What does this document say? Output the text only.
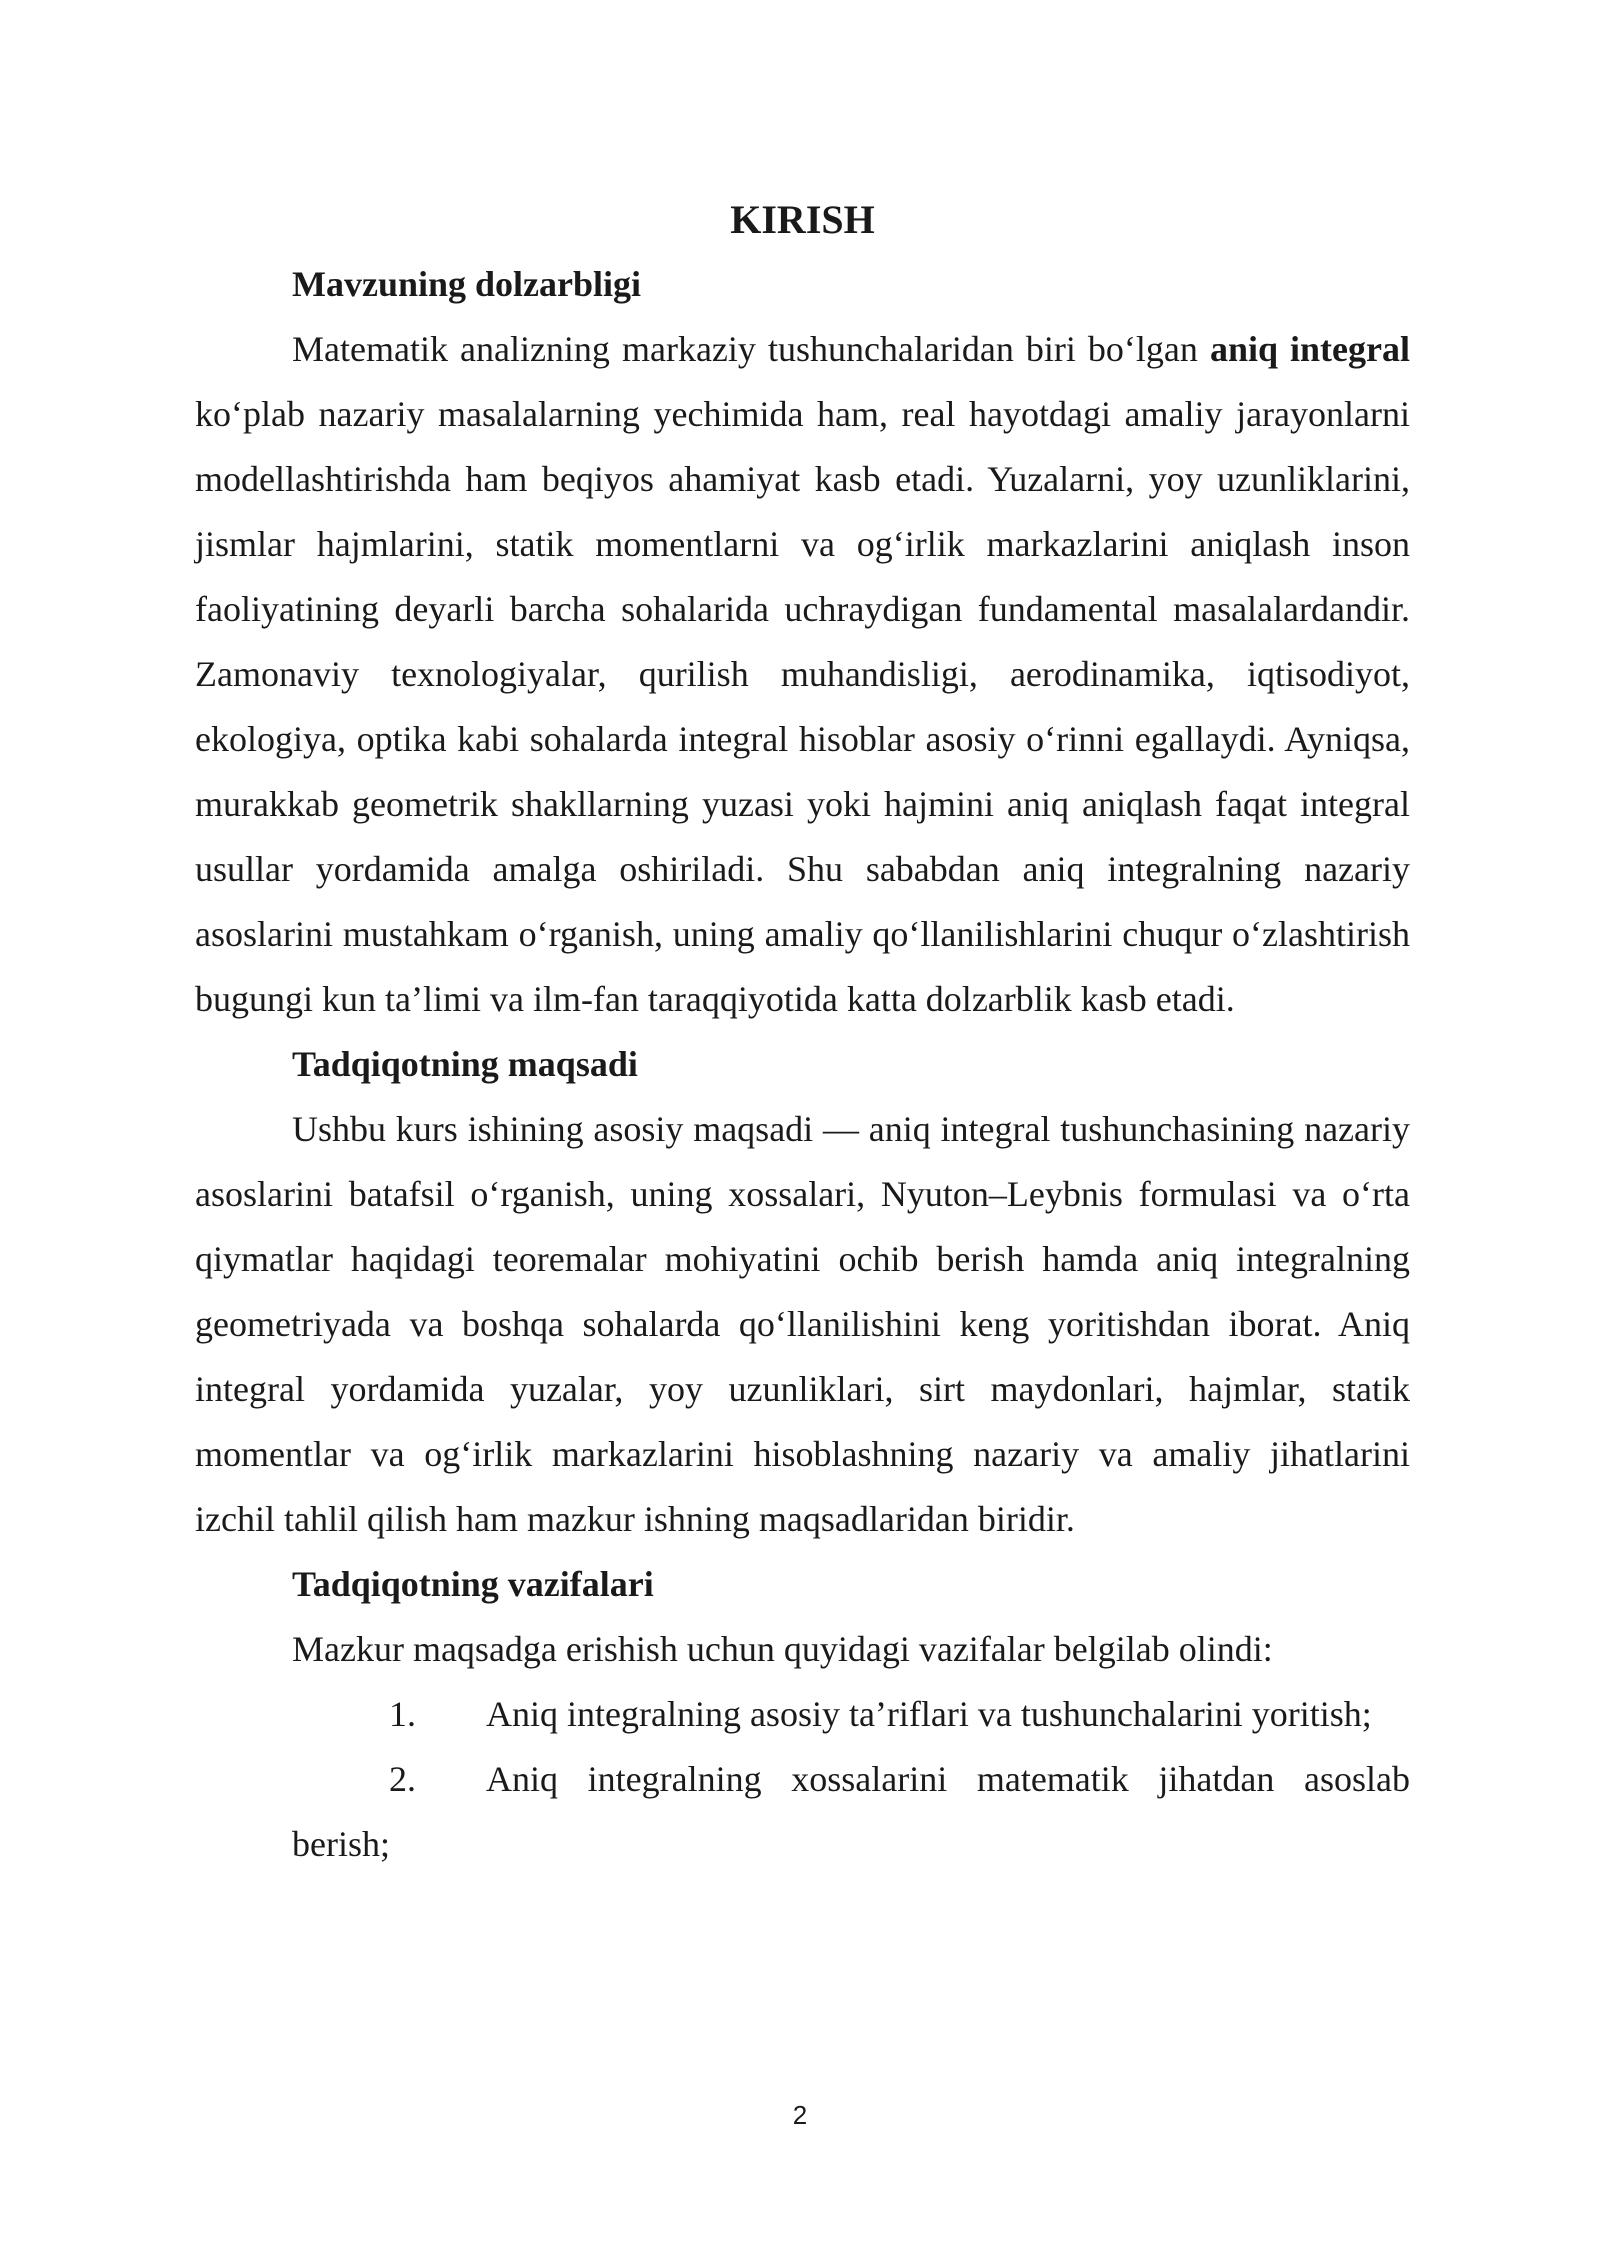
KIRISH
Mavzuning dolzarbligi

Matematik analizning markaziy tushunchalaridan biri bo‘lgan aniq integral ko‘plab nazariy masalalarning yechimida ham, real hayotdagi amaliy jarayonlarni modellashtirishda ham beqiyos ahamiyat kasb etadi. Yuzalarni, yoy uzunliklarini, jismlar hajmlarini, statik momentlarni va og‘irlik markazlarini aniqlash inson faoliyatining deyarli barcha sohalarida uchraydigan fundamental masalalardandir. Zamonaviy texnologiyalar, qurilish muhandisligi, aerodinamika, iqtisodiyot, ekologiya, optika kabi sohalarda integral hisoblar asosiy o‘rinni egallaydi. Ayniqsa, murakkab geometrik shakllarning yuzasi yoki hajmini aniq aniqlash faqat integral usullar yordamida amalga oshiriladi. Shu sababdan aniq integralning nazariy asoslarini mustahkam o‘rganish, uning amaliy qo‘llanilishlarini chuqur o‘zlashtirish bugungi kun ta’limi va ilm-fan taraqqiyotida katta dolzarblik kasb etadi.

Tadqiqotning maqsadi

Ushbu kurs ishining asosiy maqsadi — aniq integral tushunchasining nazariy asoslarini batafsil o‘rganish, uning xossalari, Nyuton–Leybnis formulasi va o‘rta qiymatlar haqidagi teoremalar mohiyatini ochib berish hamda aniq integralning geometriyada va boshqa sohalarda qo‘llanilishini keng yoritishdan iborat. Aniq integral yordamida yuzalar, yoy uzunliklari, sirt maydonlari, hajmlar, statik momentlar va og‘irlik markazlarini hisoblashning nazariy va amaliy jihatlarini izchil tahlil qilish ham mazkur ishning maqsadlaridan biridir.

Tadqiqotning vazifalari

Mazkur maqsadga erishish uchun quyidagi vazifalar belgilab olindi:

1. Aniq integralning asosiy ta’riflari va tushunchalarini yoritish;
2. Aniq integralning xossalarini matematik jihatdan asoslab berish;
2
